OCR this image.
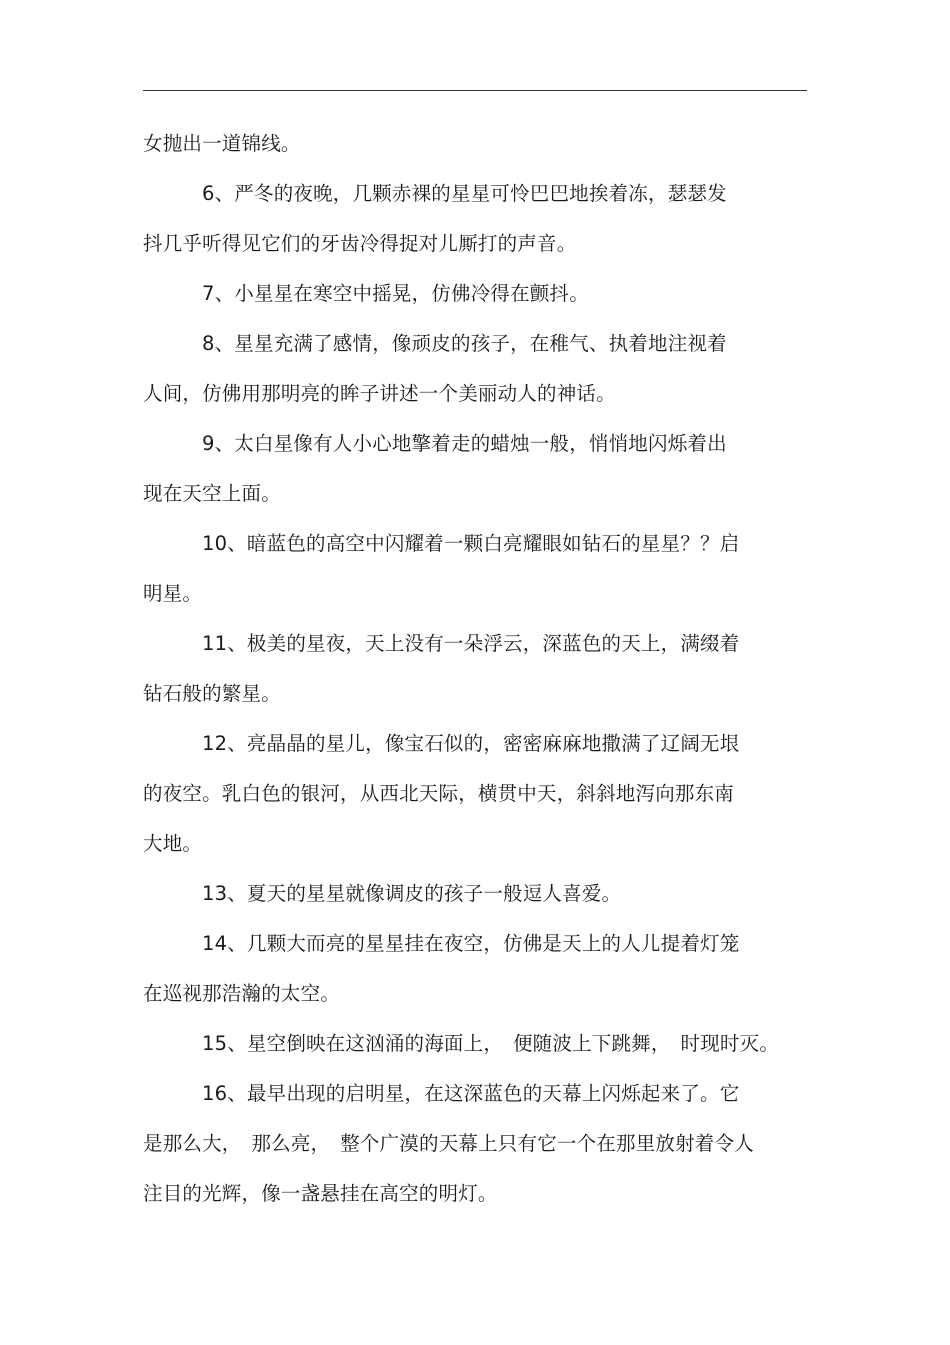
女抛出一道锦线。
6、严冬的夜晚，几颗赤裸的星星可怜巴巴地挨着冻，瑟瑟发
抖几乎听得见它们的牙齿冷得捉对儿厮打的声音。
7、小星星在寒空中摇晃，仿佛冷得在颤抖。
8、星星充满了感情，像顽皮的孩子，在稚气、执着地注视着
人间，仿佛用那明亮的眸子讲述一个美丽动人的神话。
9、太白星像有人小心地擎着走的蜡烛一般，悄悄地闪烁着出
现在天空上面。
10、暗蓝色的高空中闪耀着一颗白亮耀眼如钻石的星星？？启
明星。
11、极美的星夜，天上没有一朵浮云，深蓝色的天上，满缀着
钻石般的繁星。
12、亮晶晶的星儿，像宝石似的，密密麻麻地撒满了辽阔无垠
的夜空。乳白色的银河，从西北天际，横贯中天，斜斜地泻向那东南
大地。
13、夏天的星星就像调皮的孩子一般逗人喜爱。
14、几颗大而亮的星星挂在夜空，仿佛是天上的人儿提着灯笼
在巡视那浩瀚的太空。
15、星空倒映在这汹涌的海面上，　便随波上下跳舞，　时现时灭。
16、最早出现的启明星，在这深蓝色的天幕上闪烁起来了。它
是那么大，　那么亮，　整个广漠的天幕上只有它一个在那里放射着令人
注目的光辉，像一盏悬挂在高空的明灯。
